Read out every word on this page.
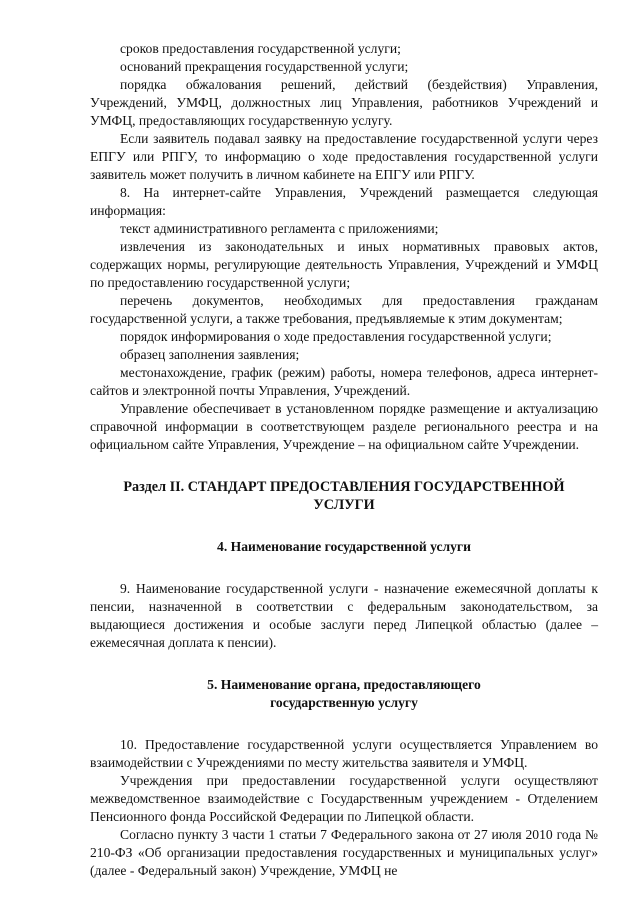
сроков предоставления государственной услуги;

оснований прекращения государственной услуги;

порядка обжалования решений, действий (бездействия) Управления, Учреждений, УМФЦ, должностных лиц Управления, работников Учреждений и УМФЦ, предоставляющих государственную услугу.

Если заявитель подавал заявку на предоставление государственной услуги через ЕПГУ или РПГУ, то информацию о ходе предоставления государственной услуги заявитель может получить в личном кабинете на ЕПГУ или РПГУ.

8. На интернет-сайте Управления, Учреждений размещается следующая информация:

текст административного регламента с приложениями;

извлечения из законодательных и иных нормативных правовых актов, содержащих нормы, регулирующие деятельность Управления, Учреждений и УМФЦ по предоставлению государственной услуги;

перечень документов, необходимых для предоставления гражданам государственной услуги, а также требования, предъявляемые к этим документам;

порядок информирования о ходе предоставления государственной услуги;

образец заполнения заявления;

местонахождение, график (режим) работы, номера телефонов, адреса интернет-сайтов и электронной почты Управления, Учреждений.

Управление обеспечивает в установленном порядке размещение и актуализацию справочной информации в соответствующем разделе регионального реестра и на официальном сайте Управления, Учреждение – на официальном сайте Учреждении.

Раздел II. СТАНДАРТ ПРЕДОСТАВЛЕНИЯ ГОСУДАРСТВЕННОЙ УСЛУГИ
4. Наименование государственной услуги

9. Наименование государственной услуги - назначение ежемесячной доплаты к пенсии, назначенной в соответствии с федеральным законодательством, за выдающиеся достижения и особые заслуги перед Липецкой областью (далее – ежемесячная доплата к пенсии).

5. Наименование органа, предоставляющего
государственную услугу

10. Предоставление государственной услуги осуществляется Управлением во взаимодействии с Учреждениями по месту жительства заявителя и УМФЦ.

Учреждения при предоставлении государственной услуги осуществляют межведомственное взаимодействие с Государственным учреждением - Отделением Пенсионного фонда Российской Федерации по Липецкой области.

Согласно пункту 3 части 1 статьи 7 Федерального закона от 27 июля 2010 года № 210-ФЗ «Об организации предоставления государственных и муниципальных услуг» (далее - Федеральный закон) Учреждение, УМФЦ не
